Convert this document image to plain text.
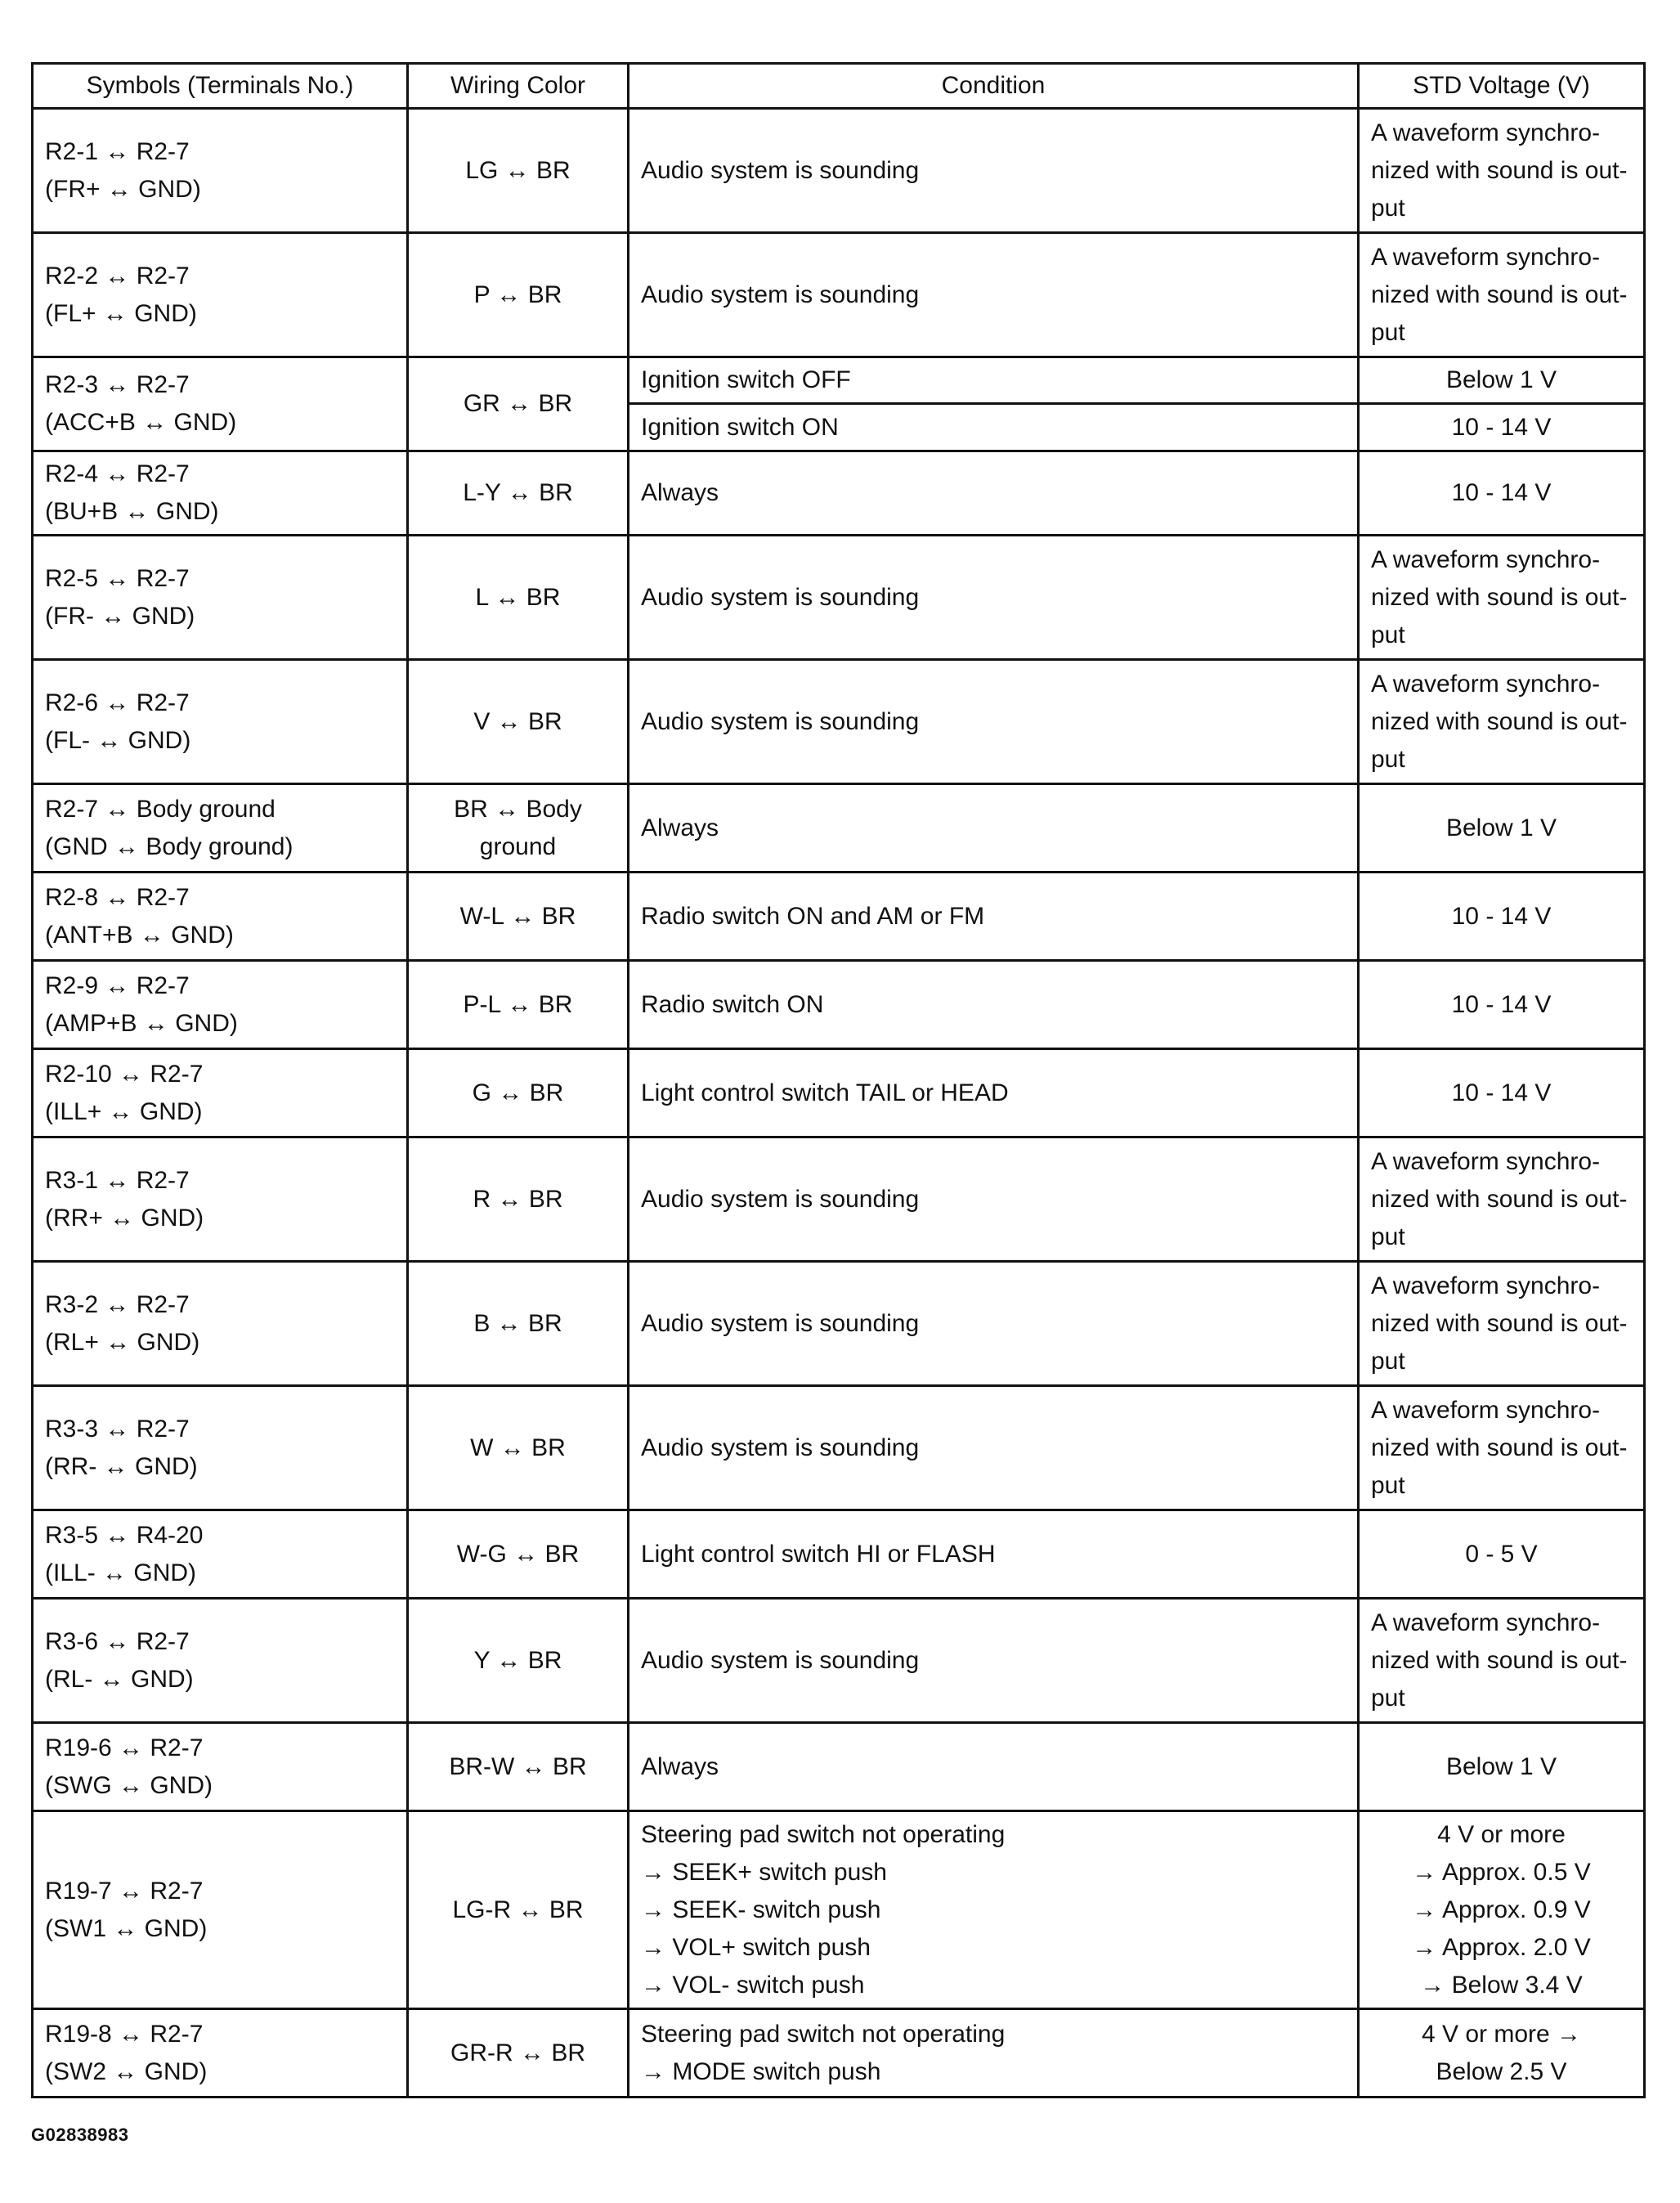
Symbols (Terminals No.)	Wiring Color	Condition	STD Voltage (V)

R2-1 ↔ R2-7
(FR+ ↔ GND)	LG ↔ BR	Audio system is sounding	A waveform synchro-nized with sound is out-put

R2-2 ↔ R2-7
(FL+ ↔ GND)	P ↔ BR	Audio system is sounding	A waveform synchro-nized with sound is out-put

R2-3 ↔ R2-7
(ACC+B ↔ GND)	GR ↔ BR	Ignition switch OFF	Below 1 V
		Ignition switch ON	10 - 14 V

R2-4 ↔ R2-7
(BU+B ↔ GND)	L-Y ↔ BR	Always	10 - 14 V

R2-5 ↔ R2-7
(FR- ↔ GND)	L ↔ BR	Audio system is sounding	A waveform synchro-nized with sound is out-put

R2-6 ↔ R2-7
(FL- ↔ GND)	V ↔ BR	Audio system is sounding	A waveform synchro-nized with sound is out-put

R2-7 ↔ Body ground
(GND ↔ Body ground)	BR ↔ Body ground	Always	Below 1 V

R2-8 ↔ R2-7
(ANT+B ↔ GND)	W-L ↔ BR	Radio switch ON and AM or FM	10 - 14 V

R2-9 ↔ R2-7
(AMP+B ↔ GND)	P-L ↔ BR	Radio switch ON	10 - 14 V

R2-10 ↔ R2-7
(ILL+ ↔ GND)	G ↔ BR	Light control switch TAIL or HEAD	10 - 14 V

R3-1 ↔ R2-7
(RR+ ↔ GND)	R ↔ BR	Audio system is sounding	A waveform synchro-nized with sound is out-put

R3-2 ↔ R2-7
(RL+ ↔ GND)	B ↔ BR	Audio system is sounding	A waveform synchro-nized with sound is out-put

R3-3 ↔ R2-7
(RR- ↔ GND)	W ↔ BR	Audio system is sounding	A waveform synchro-nized with sound is out-put

R3-5 ↔ R4-20
(ILL- ↔ GND)	W-G ↔ BR	Light control switch HI or FLASH	0 - 5 V

R3-6 ↔ R2-7
(RL- ↔ GND)	Y ↔ BR	Audio system is sounding	A waveform synchro-nized with sound is out-put

R19-6 ↔ R2-7
(SWG ↔ GND)	BR-W ↔ BR	Always	Below 1 V

R19-7 ↔ R2-7
(SW1 ↔ GND)	LG-R ↔ BR	Steering pad switch not operating
→ SEEK+ switch push
→ SEEK- switch push
→ VOL+ switch push
→ VOL- switch push	4 V or more
→ Approx. 0.5 V
→ Approx. 0.9 V
→ Approx. 2.0 V
→ Below 3.4 V

R19-8 ↔ R2-7
(SW2 ↔ GND)	GR-R ↔ BR	Steering pad switch not operating
→ MODE switch push	4 V or more →
Below 2.5 V
G02838983
